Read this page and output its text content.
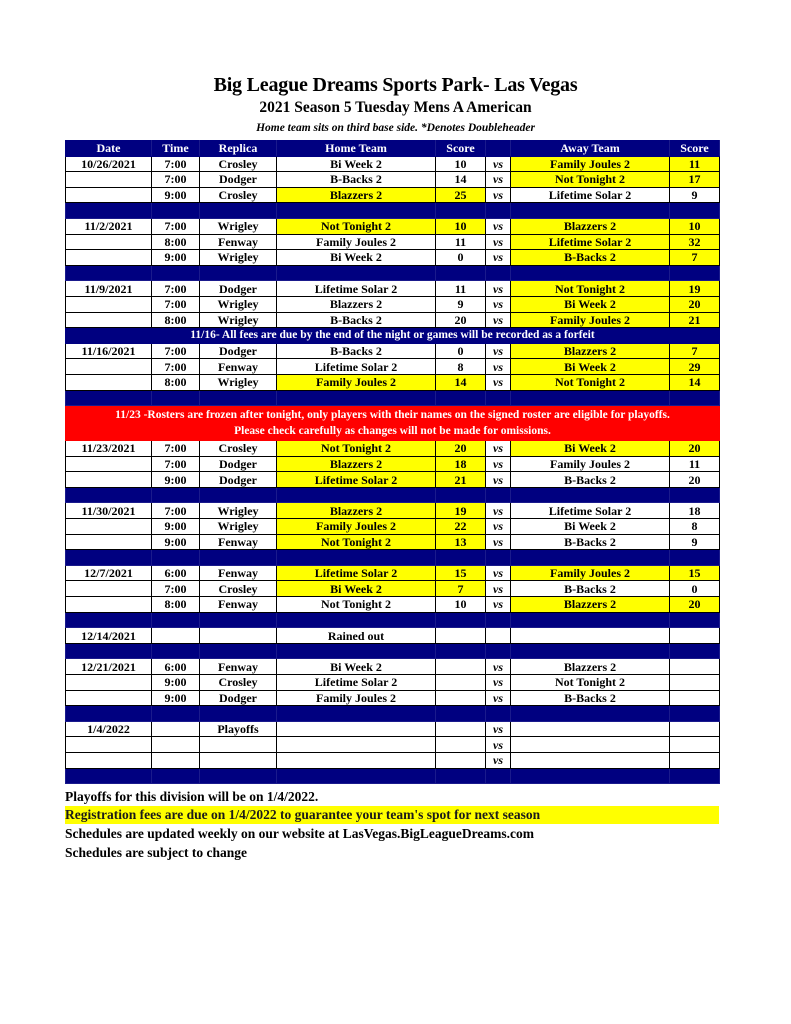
Big League Dreams Sports Park- Las Vegas
2021 Season 5 Tuesday Mens A American
Home team sits on third base side. *Denotes Doubleheader
Date	Time	Replica	Home Team	Score		Away Team	Score
10/26/2021	7:00	Crosley	Bi Week 2	10	vs	Family Joules 2	11
	7:00	Dodger	B-Backs 2	14	vs	Not Tonight 2	17
	9:00	Crosley	Blazzers 2	25	vs	Lifetime Solar 2	9

11/2/2021	7:00	Wrigley	Not Tonight 2	10	vs	Blazzers 2	10
	8:00	Fenway	Family Joules 2	11	vs	Lifetime Solar 2	32
	9:00	Wrigley	Bi Week 2	0	vs	B-Backs 2	7

11/9/2021	7:00	Dodger	Lifetime Solar 2	11	vs	Not Tonight 2	19
	7:00	Wrigley	Blazzers 2	9	vs	Bi Week 2	20
	8:00	Wrigley	B-Backs 2	20	vs	Family Joules 2	21
11/16- All fees are due by the end of the night or games will be recorded as a forfeit							
11/16/2021	7:00	Dodger	B-Backs 2	0	vs	Blazzers 2	7
	7:00	Fenway	Lifetime Solar 2	8	vs	Bi Week 2	29
	8:00	Wrigley	Family Joules 2	14	vs	Not Tonight 2	14

11/23 -Rosters are frozen after tonight, only players with their names on the signed roster are eligible for playoffs.
Please check carefully as changes will not be made for omissions.							

11/23/2021	7:00	Crosley	Not Tonight 2	20	vs	Bi Week 2	20
	7:00	Dodger	Blazzers 2	18	vs	Family Joules 2	11
	9:00	Dodger	Lifetime Solar 2	21	vs	B-Backs 2	20

11/30/2021	7:00	Wrigley	Blazzers 2	19	vs	Lifetime Solar 2	18
	9:00	Wrigley	Family Joules 2	22	vs	Bi Week 2	8
	9:00	Fenway	Not Tonight 2	13	vs	B-Backs 2	9

12/7/2021	6:00	Fenway	Lifetime Solar 2	15	vs	Family Joules 2	15
	7:00	Crosley	Bi Week 2	7	vs	B-Backs 2	0
	8:00	Fenway	Not Tonight 2	10	vs	Blazzers 2	20

12/14/2021			Rained out				

12/21/2021	6:00	Fenway	Bi Week 2		vs	Blazzers 2	
	9:00	Crosley	Lifetime Solar 2		vs	Not Tonight 2	
	9:00	Dodger	Family Joules 2		vs	B-Backs 2	

1/4/2022		Playoffs			vs		
					vs		
					vs		

Playoffs for this division will be on 1/4/2022.
Registration fees are due on 1/4/2022 to guarantee your team's spot for next season
Schedules are updated weekly on our website at LasVegas.BigLeagueDreams.com
Schedules are subject to change
